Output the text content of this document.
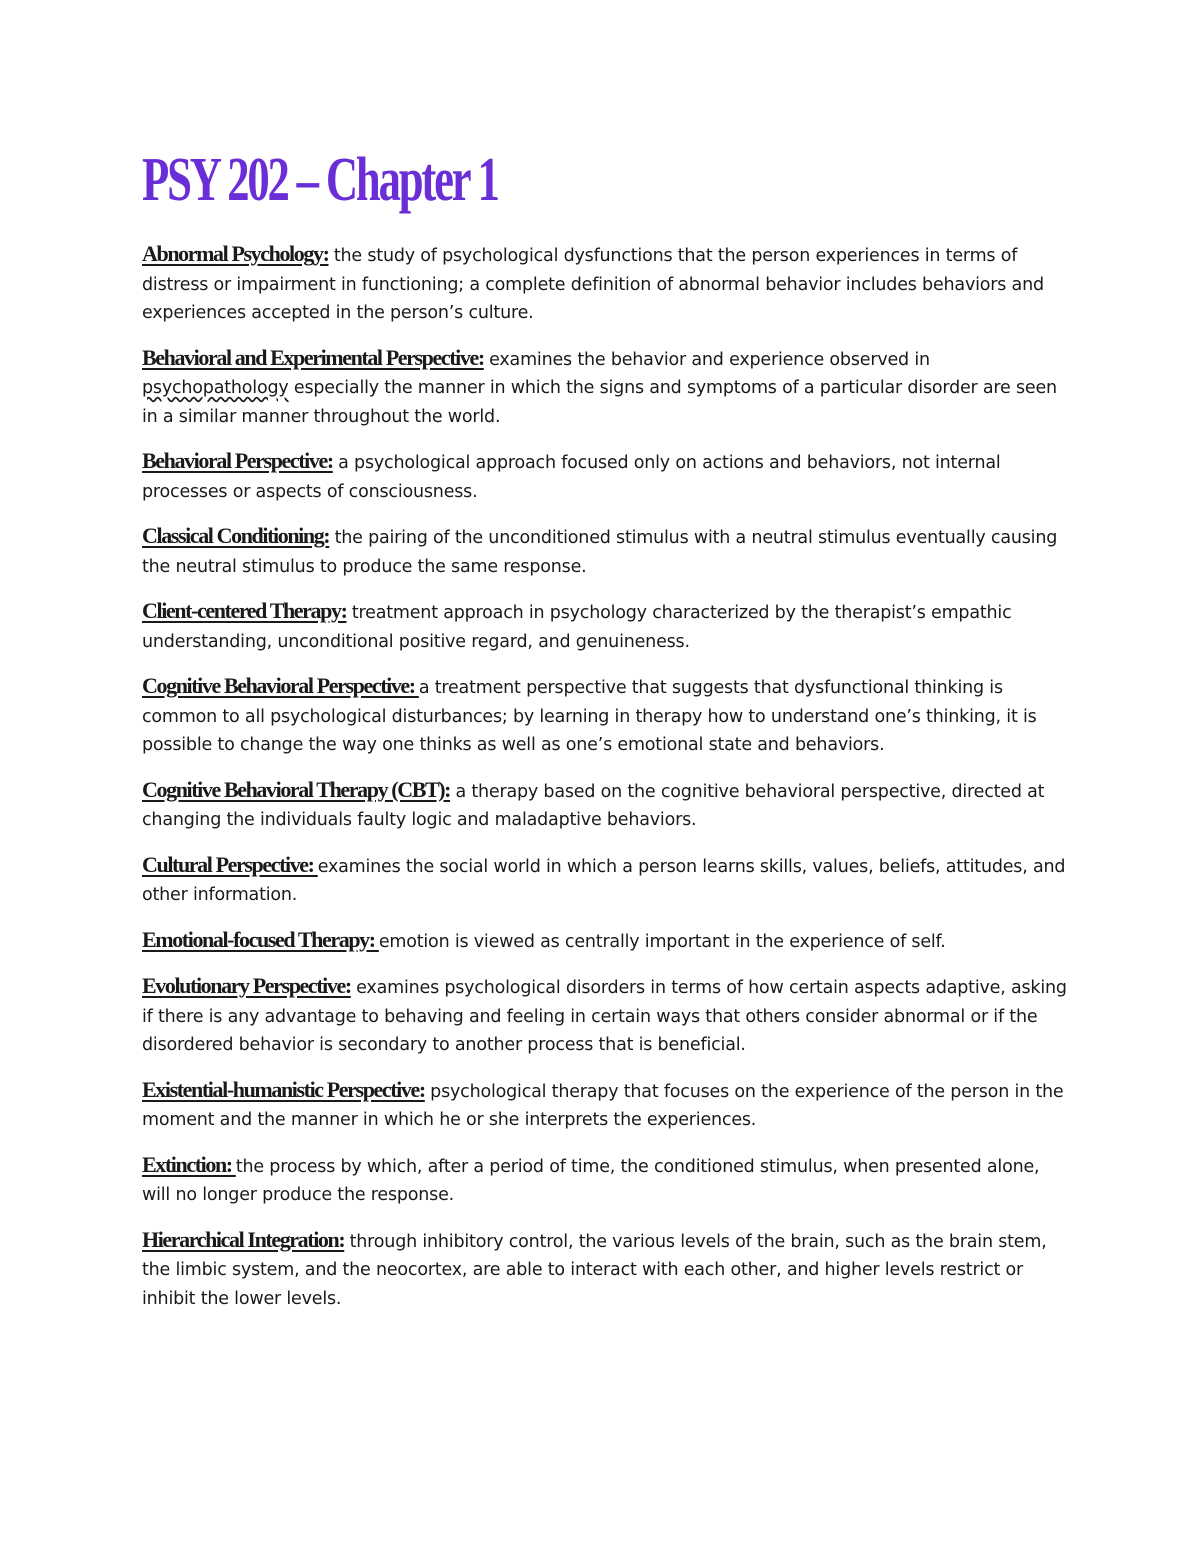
PSY 202 – Chapter 1

Abnormal Psychology: the study of psychological dysfunctions that the person experiences in terms of distress or impairment in functioning; a complete definition of abnormal behavior includes behaviors and experiences accepted in the person’s culture.

Behavioral and Experimental Perspective: examines the behavior and experience observed in psychopathology especially the manner in which the signs and symptoms of a particular disorder are seen in a similar manner throughout the world.

Behavioral Perspective: a psychological approach focused only on actions and behaviors, not internal processes or aspects of consciousness.

Classical Conditioning: the pairing of the unconditioned stimulus with a neutral stimulus eventually causing the neutral stimulus to produce the same response.

Client-centered Therapy: treatment approach in psychology characterized by the therapist’s empathic understanding, unconditional positive regard, and genuineness.

Cognitive Behavioral Perspective: a treatment perspective that suggests that dysfunctional thinking is common to all psychological disturbances; by learning in therapy how to understand one’s thinking, it is possible to change the way one thinks as well as one’s emotional state and behaviors.

Cognitive Behavioral Therapy (CBT): a therapy based on the cognitive behavioral perspective, directed at changing the individuals faulty logic and maladaptive behaviors.

Cultural Perspective: examines the social world in which a person learns skills, values, beliefs, attitudes, and other information.

Emotional-focused Therapy: emotion is viewed as centrally important in the experience of self.

Evolutionary Perspective: examines psychological disorders in terms of how certain aspects adaptive, asking if there is any advantage to behaving and feeling in certain ways that others consider abnormal or if the disordered behavior is secondary to another process that is beneficial.

Existential-humanistic Perspective: psychological therapy that focuses on the experience of the person in the moment and the manner in which he or she interprets the experiences.

Extinction: the process by which, after a period of time, the conditioned stimulus, when presented alone, will no longer produce the response.

Hierarchical Integration: through inhibitory control, the various levels of the brain, such as the brain stem, the limbic system, and the neocortex, are able to interact with each other, and higher levels restrict or inhibit the lower levels.
